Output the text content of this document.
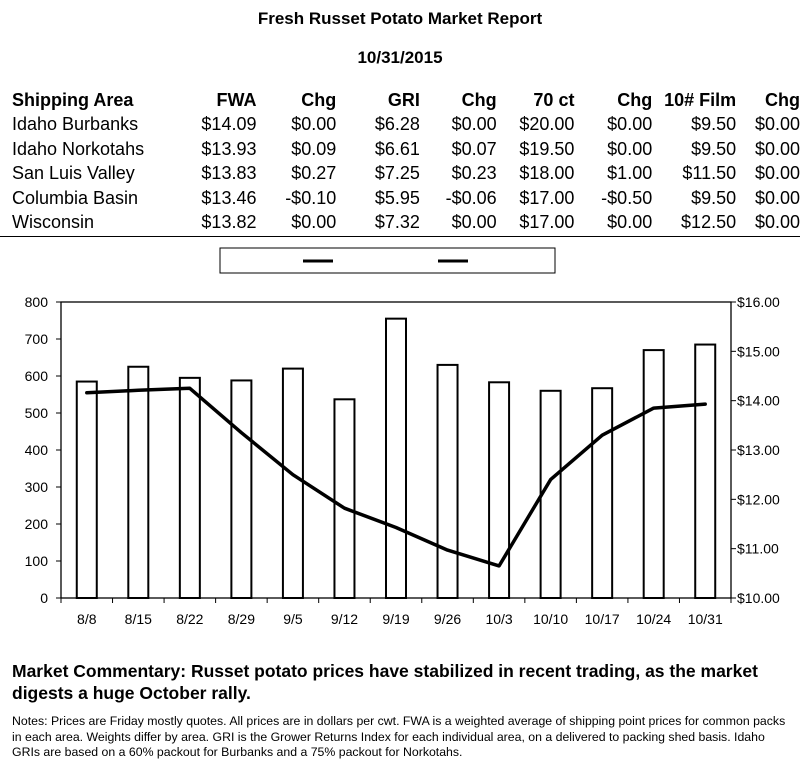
Fresh Russet Potato Market Report
10/31/2015
Shipping Area	FWA	Chg	GRI	Chg	70 ct	Chg	10# Film	Chg
Idaho Burbanks	$14.09	$0.00	$6.28	$0.00	$20.00	$0.00	$9.50	$0.00
Idaho Norkotahs	$13.93	$0.09	$6.61	$0.07	$19.50	$0.00	$9.50	$0.00
San Luis Valley	$13.83	$0.27	$7.25	$0.23	$18.00	$1.00	$11.50	$0.00
Columbia Basin	$13.46	-$0.10	$5.95	-$0.06	$17.00	-$0.50	$9.50	$0.00
Wisconsin	$13.82	$0.00	$7.32	$0.00	$17.00	$0.00	$12.50	$0.00
0
100
200
300
400
500
600
700
800
$10.00
$11.00
$12.00
$13.00
$14.00
$15.00
$16.00
8/8 8/15 8/22 8/29 9/5 9/12 9/19 9/26 10/3 10/10 10/17 10/24 10/31
Market Commentary: Russet potato prices have stabilized in recent trading, as the market digests a huge October rally.
Notes: Prices are Friday mostly quotes. All prices are in dollars per cwt. FWA is a weighted average of shipping point prices for common packs in each area. Weights differ by area. GRI is the Grower Returns Index for each individual area, on a delivered to packing shed basis. Idaho GRIs are based on a 60% packout for Burbanks and a 75% packout for Norkotahs.
